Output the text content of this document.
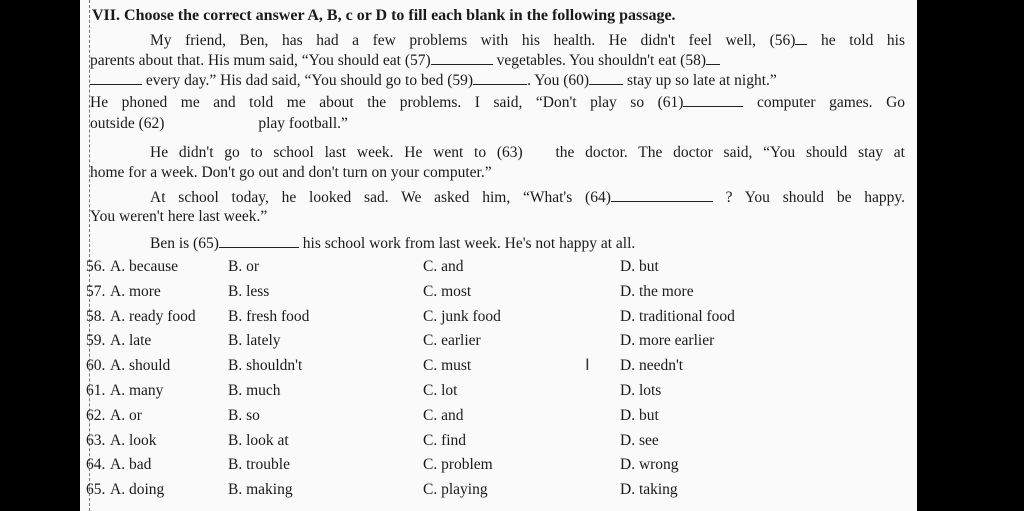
VII. Choose the correct answer A, B, c or D to fill each blank in the following passage.
My friend, Ben, has had a few problems with his health. He didn't feel well, (56) he told his
parents about that. His mum said, “You should eat (57)	vegetables. You shouldn't eat (58)
every day.” His dad said, “You should go to bed (59)	. You (60) stay up so late at night.”
He phoned me and told me about the problems. I said, “Don't play so (61)	computer games. Go
outside (62)	play football.”
He didn't go to school last week. He went to (63) the doctor. The doctor said, “You should stay at
home for a week. Don't go out and don't turn on your computer.”
At school today, he looked sad. We asked him, “What's (64)	? You should be happy.
You weren't here last week.”
Ben is (65)	his school work from last week. He's not happy at all.
56. A. because	B. or	C. and	D. but
57. A. more	B. less	C. most	D. the more
58. A. ready food B. fresh food	C. junk food	D. traditional food
59. A. late	B. lately	C. earlier	D. more earlier
60. A. should	B. shouldn't	C. must	D. needn't
61. A. many	B. much	C. lot	D. lots
62. A. or	B. so	C. and	D. but
63. A. look	B. look at	C. find	D. see
64. A. bad	B. trouble	C. problem	D. wrong
65. A. doing	B. making	C. playing	D. taking
I
